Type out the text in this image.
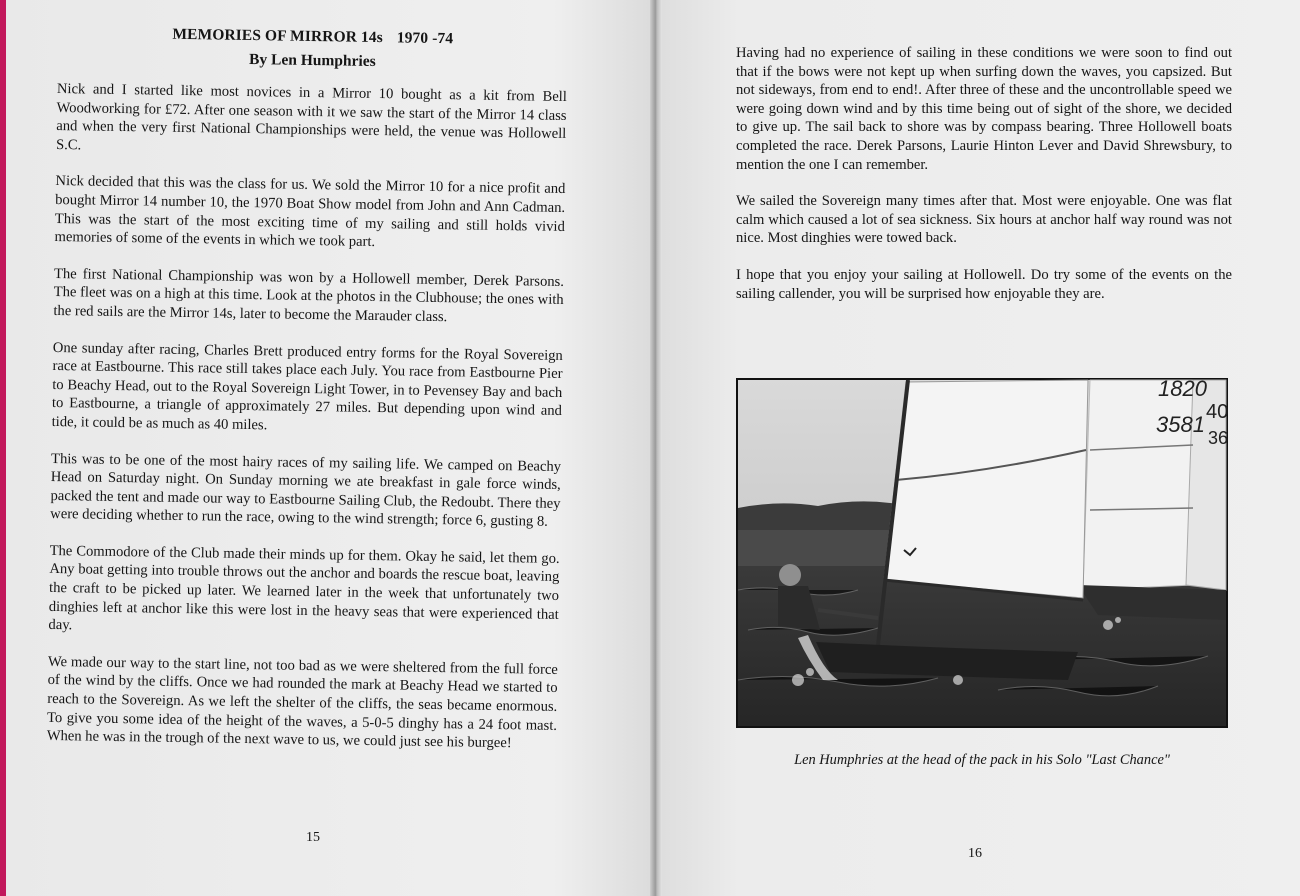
MEMORIES OF MIRROR 14s 1970 -74
By Len Humphries

Nick and I started like most novices in a Mirror 10 bought as a kit from Bell Woodworking for £72. After one season with it we saw the start of the Mirror 14 class and when the very first National Championships were held, the venue was Hollowell S.C.

Nick decided that this was the class for us. We sold the Mirror 10 for a nice profit and bought Mirror 14 number 10, the 1970 Boat Show model from John and Ann Cadman. This was the start of the most exciting time of my sailing and still holds vivid memories of some of the events in which we took part.

The first National Championship was won by a Hollowell member, Derek Parsons. The fleet was on a high at this time. Look at the photos in the Clubhouse; the ones with the red sails are the Mirror 14s, later to become the Marauder class.

One sunday after racing, Charles Brett produced entry forms for the Royal Sovereign race at Eastbourne. This race still takes place each July. You race from Eastbourne Pier to Beachy Head, out to the Royal Sovereign Light Tower, in to Pevensey Bay and bach to Eastbourne, a triangle of approximately 27 miles. But depending upon wind and tide, it could be as much as 40 miles.

This was to be one of the most hairy races of my sailing life. We camped on Beachy Head on Saturday night. On Sunday morning we ate breakfast in gale force winds, packed the tent and made our way to Eastbourne Sailing Club, the Redoubt. There they were deciding whether to run the race, owing to the wind strength; force 6, gusting 8.

The Commodore of the Club made their minds up for them. Okay he said, let them go. Any boat getting into trouble throws out the anchor and boards the rescue boat, leaving the craft to be picked up later. We learned later in the week that unfortunately two dinghies left at anchor like this were lost in the heavy seas that were experienced that day.

We made our way to the start line, not too bad as we were sheltered from the full force of the wind by the cliffs. Once we had rounded the mark at Beachy Head we started to reach to the Sovereign. As we left the shelter of the cliffs, the seas became enormous. To give you some idea of the height of the waves, a 5-0-5 dinghy has a 24 foot mast. When he was in the trough of the next wave to us, we could just see his burgee!

15

Having had no experience of sailing in these conditions we were soon to find out that if the bows were not kept up when surfing down the waves, you capsized. But not sideways, from end to end!. After three of these and the uncontrollable speed we were going down wind and by this time being out of sight of the shore, we decided to give up. The sail back to shore was by compass bearing. Three Hollowell boats completed the race. Derek Parsons, Laurie Hinton Lever and David Shrewsbury, to mention the one I can remember.

We sailed the Sovereign many times after that. Most were enjoyable. One was flat calm which caused a lot of sea sickness. Six hours at anchor half way round was not nice. Most dinghies were towed back.

I hope that you enjoy your sailing at Hollowell. Do try some of the events on the sailing callender, you will be surprised how enjoyable they are.

1820
3581 40
36
Len Humphries at the head of the pack in his Solo "Last Chance"
16
